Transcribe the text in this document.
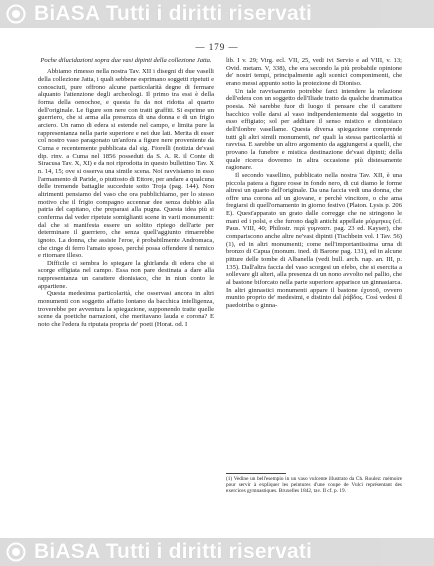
BiASA Tutti i diritti riservati
— 179 —

Poche dilucidazioni sopra due vasi dipinti della collezione Jatta.

Abbiamo rimesso nella nostra Tav. XII i disegni di due vaselli della collezione Jatta, i quali sebbene esprimano soggetti ripetuti e conosciuti, pure offrono alcune particolarità degne di fermare alquanto l'attenzione degli archeologi. Il primo tra essi è della forma della oenochoe, e questa fu da noi ridotta al quarto dell'originale. Le figure son nere con tratti graffiti. Si esprime un guerriero, che si arma alla presenza di una donna e di un frigio arciero. Un ramo di edera si estende nel campo, e limita pure la rappresentanza nella parte superiore e nei due lati. Merita di esser col nostro vaso paragonato un'anfora a figure nere proveniente da Cuma e recentemente pubblicata dal sig. Fiorelli (notizia de'vasi dip. rinv. a Cuma nel 1856 posseduti da S. A. R. il Conte di Siracusa Tav. X, XI) e da noi riprodotta in questo bullettino Tav. X n. 14, 15; ove si osserva una simile scena. Noi ravvisiamo in esso l'armamento di Paride, o piuttosto di Ettore, per andare a qualcuna delle tremende battaglie succedute sotto Troja (pag. 144). Non altrimenti pensiamo del vaso che ora pubblichiamo, per lo stesso motivo che il frigio compagno accennar dee senza dubbio alla patria del capitano, che preparasi alla pugna. Questa idea più si conferma dal veder ripetute somiglianti scene in varii monumenti: dal che si manifesta essere un soltito ripiego dell'arte per determinare il guerriero, che senza quell'aggiunto rimarrebbe ignoto. La donna, che assiste l'eroe, è probabilmente Andromaca, che cinge di ferro l'amato sposo, perché possa offendere il nemico e ritornare illeso.

Difficile ci sembra lo spiegare la ghirlanda di edera che si scorge effigiata nel campo. Essa non pare destinata a dare alla rappresentanza un carattere dionisiaco, che in niun conto le appartiene.

Questa medesima particolarità, che osservasi ancora in altri monumenti con soggetto affatto lontano da bacchica intelligenza, troverebbe per avventura la spiegazione, supponendo tratte quelle scene da poetiche narrazioni, che meritavano lauda e corona? E noto che l'edera fu riputata propria de' poeti (Horat. od. I

lib. I v. 29; Virg. ecl. VII, 25, vedi ivi Servio e ad VIII, v. 13; Ovid. metam. V, 338), che era secondo la più probabile opinione de' nostri tempi, principalmente agli scenici componimenti, che erano messi appunto sotto la protezione di Dioniso.

Un tale ravvisamento potrebbe farci intendere la relazione dell'edera con un soggetto dell'Iliade tratto da qualche drammatica poesia. Nè sarebbe fuor di luogo il pensare che il carattere bacchico volle darsi al vaso indipendentemente dal soggetto in esso effigiato; sol per additare il senso mistico e dionisiaco dell'ilonbre vasellame. Questa diversa spiegazione comprende tutti gli altri simili monumenti, ne' quali la stessa particolarità si ravvisa. E sarebbe un altro argomento da aggiungersi a quelli, che provano la funebre e mistica destinazione de'vasi dipinti; della quale ricerca dovremo in altra occasione più distesamente ragionare.

Il secondo vasellino, pubblicato nella nostra Tav. XII, è una piccola patera a figure rosse in fondo nero, di cui diamo le forme altresi un quarto dell'originale. Da una faccia vedi una donna, che offre una corona ad un giovane, e perchè vincitore, o che ama fregiarsi di quell'ornamento in giorno festivo (Platon. Lysis p. 206 E). Quest'apparato un grato dalle corregge che ne stringono le mani ed i polsi, e che furono dagli antichi appellate μύρμηκες (cf. Paus. VIII, 40; Philostr. περὶ γυμναστ. pag. 23 ed. Kayser), che compariscono anche altre ne'vasi dipinti (Tischbein vol. I Tav. 56) (1), ed in altri monumenti; come nell'importantissima urna di bronzo di Capua (monum. ined. di Barone pag. 131), ed in alcune pitture delle tombe di Albanella (vedi bull. arch. nap. an. III, p. 135). Dall'altra faccia del vaso scorgesi un efebo, che si esercita a sollevare gli alteri, alla presenza di un nono avvolto nel pallio, che al bastone biforcato nella parte superiore appariscе un ginnasiarca. In altri ginnastici monumenti appare il bastone ἐχυτοῦ, ovvero munito proprio de' medesimi, e distinto dal ῥάβδος. Così vedesi il paedotriba o ginna-

(1) Vedine un bell'esempio in un vaso vulcente illustrato da Ch. Roulez: mémoire pour servir à expliquer les peintures d'une coupe de Vulci représentant des exercices gymnastiques. Bruxelles 1842, tav. II cf. p. 19.
BiASA Tutti i diritti riservati
